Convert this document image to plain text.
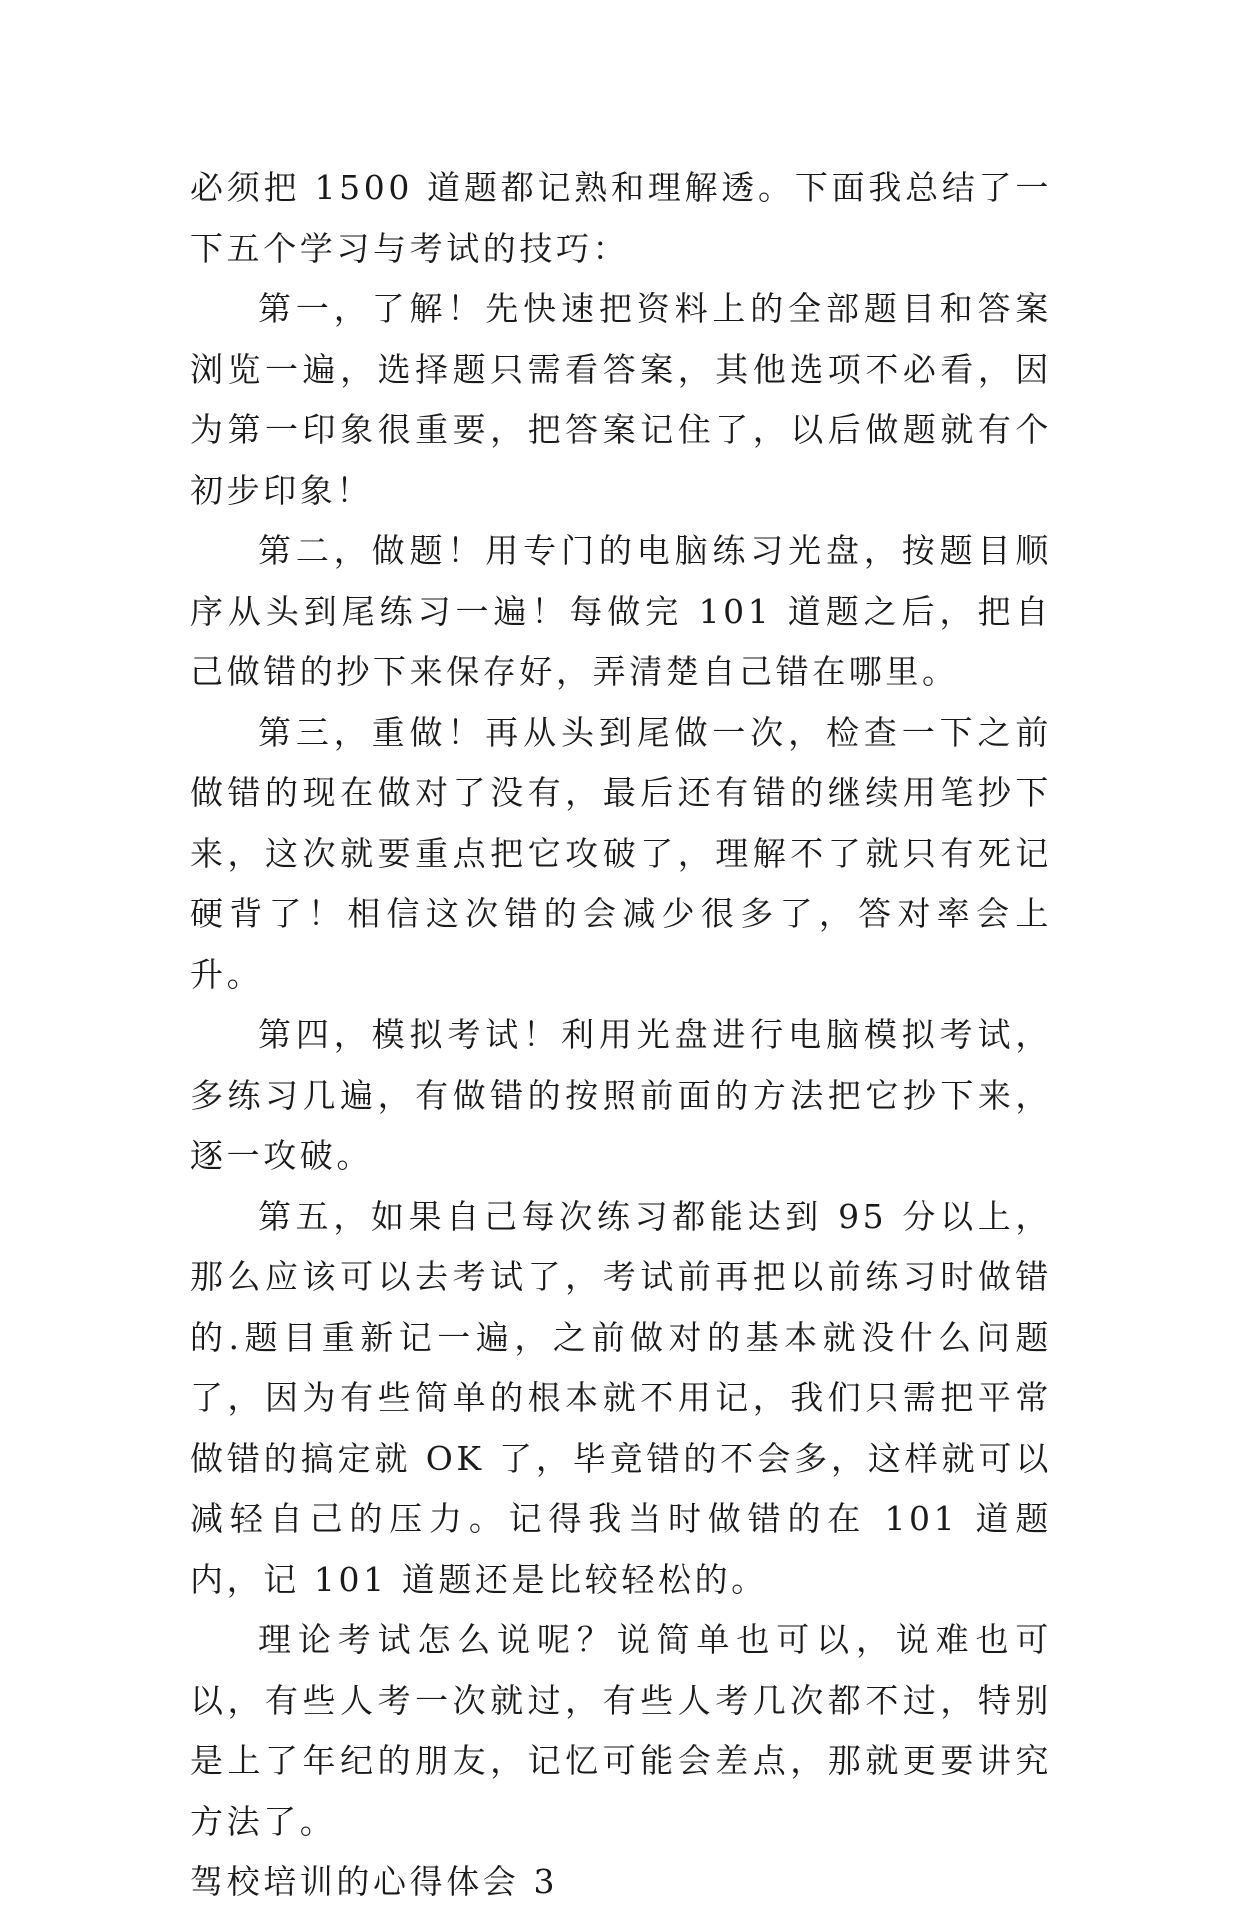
必须把 1500 道题都记熟和理解透。下面我总结了一下五个学习与考试的技巧：

第一，了解！先快速把资料上的全部题目和答案浏览一遍，选择题只需看答案，其他选项不必看，因为第一印象很重要，把答案记住了，以后做题就有个初步印象！

第二，做题！用专门的电脑练习光盘，按题目顺序从头到尾练习一遍！每做完 101 道题之后，把自己做错的抄下来保存好，弄清楚自己错在哪里。

第三，重做！再从头到尾做一次，检查一下之前做错的现在做对了没有，最后还有错的继续用笔抄下来，这次就要重点把它攻破了，理解不了就只有死记硬背了！相信这次错的会减少很多了，答对率会上升。

第四，模拟考试！利用光盘进行电脑模拟考试，多练习几遍，有做错的按照前面的方法把它抄下来，逐一攻破。

第五，如果自己每次练习都能达到 95 分以上，那么应该可以去考试了，考试前再把以前练习时做错的.题目重新记一遍，之前做对的基本就没什么问题了，因为有些简单的根本就不用记，我们只需把平常做错的搞定就 OK 了，毕竟错的不会多，这样就可以减轻自己的压力。记得我当时做错的在 101 道题内，记 101 道题还是比较轻松的。

理论考试怎么说呢？说简单也可以，说难也可以，有些人考一次就过，有些人考几次都不过，特别是上了年纪的朋友，记忆可能会差点，那就更要讲究方法了。

驾校培训的心得体会 3
